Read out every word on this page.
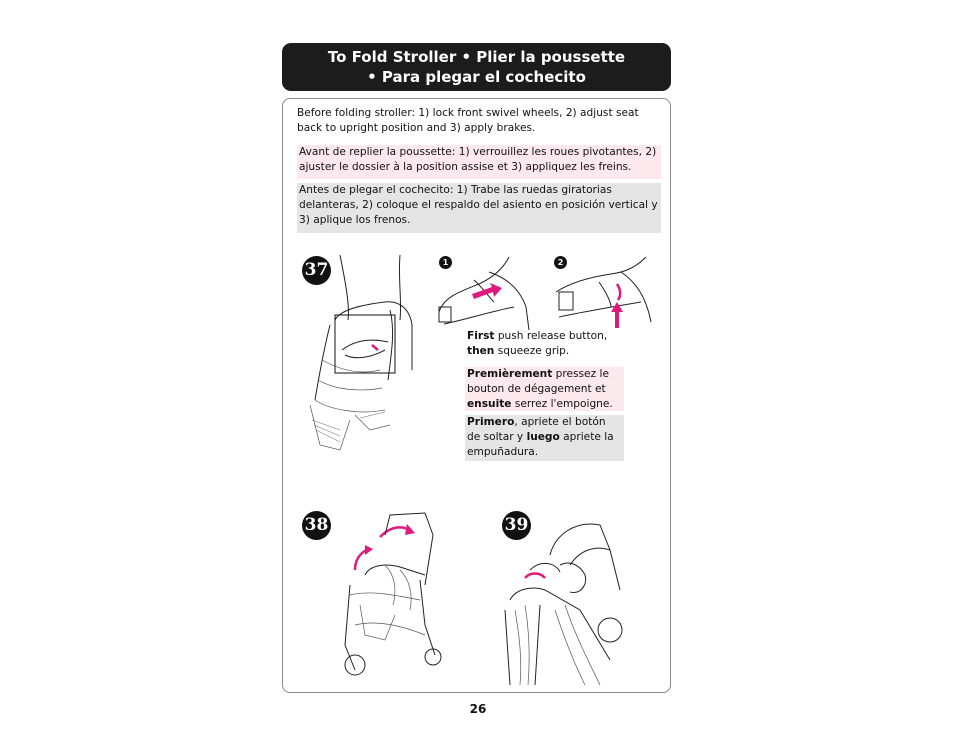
To Fold Stroller • Plier la poussette
• Para plegar el cochecito
Before folding stroller: 1) lock front swivel wheels, 2) adjust seat back to upright position and 3) apply brakes.
Avant de replier la poussette: 1) verrouillez les roues pivotantes, 2) ajuster le dossier à la position assise et 3) appliquez les freins.
Antes de plegar el cochecito: 1) Trabe las ruedas giratorias delanteras, 2) coloque el respaldo del asiento en posición vertical y 3) aplique los frenos.
37	1	2
First push release button, then squeeze grip.
Premièrement pressez le bouton de dégagement et ensuite serrez l'empoigne.
Primero, apriete el botón de soltar y luego apriete la empuñadura.
38	39
26
